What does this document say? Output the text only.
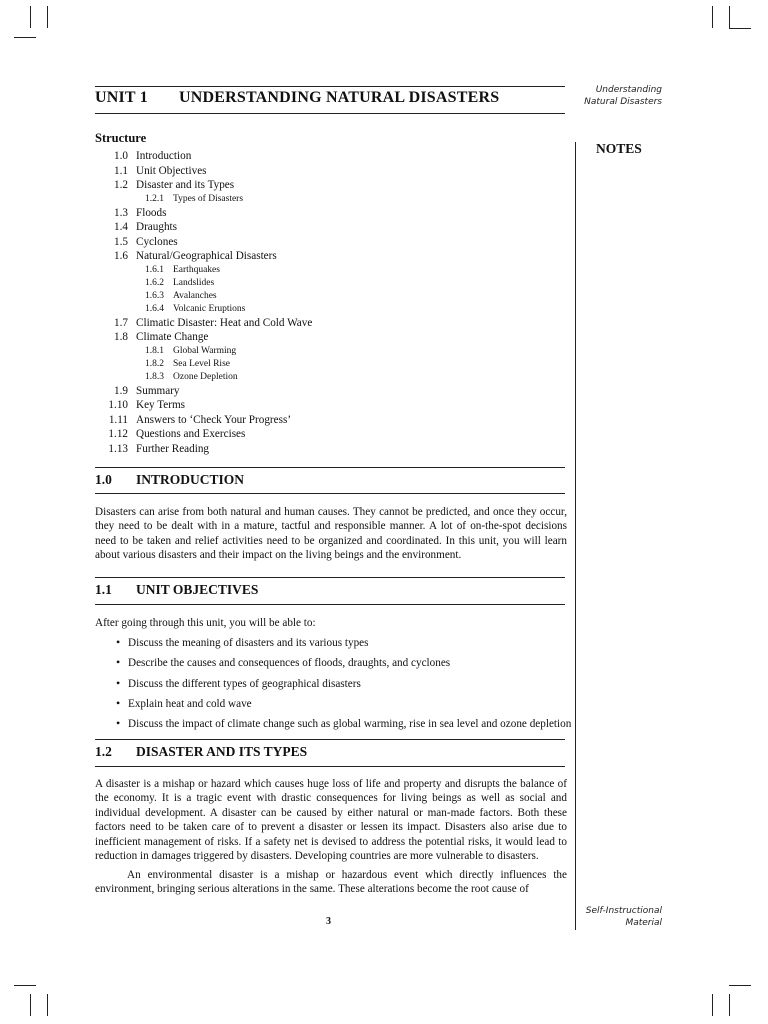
Understanding
Natural Disasters
UNIT 1 UNDERSTANDING NATURAL DISASTERS
NOTES
Structure
1.0 Introduction
1.1 Unit Objectives
1.2 Disaster and its Types
1.2.1 Types of Disasters
1.3 Floods
1.4 Draughts
1.5 Cyclones
1.6 Natural/Geographical Disasters
1.6.1 Earthquakes
1.6.2 Landslides
1.6.3 Avalanches
1.6.4 Volcanic Eruptions
1.7 Climatic Disaster: Heat and Cold Wave
1.8 Climate Change
1.8.1 Global Warming
1.8.2 Sea Level Rise
1.8.3 Ozone Depletion
1.9 Summary
1.10 Key Terms
1.11 Answers to ‘Check Your Progress’
1.12 Questions and Exercises
1.13 Further Reading
1.0 INTRODUCTION
Disasters can arise from both natural and human causes. They cannot be predicted, and once they occur, they need to be dealt with in a mature, tactful and responsible manner. A lot of on-the-spot decisions need to be taken and relief activities need to be organized and coordinated. In this unit, you will learn about various disasters and their impact on the living beings and the environment.
1.1 UNIT OBJECTIVES
After going through this unit, you will be able to:
• Discuss the meaning of disasters and its various types
• Describe the causes and consequences of floods, draughts, and cyclones
• Discuss the different types of geographical disasters
• Explain heat and cold wave
• Discuss the impact of climate change such as global warming, rise in sea level and ozone depletion
1.2 DISASTER AND ITS TYPES
A disaster is a mishap or hazard which causes huge loss of life and property and disrupts the balance of the economy. It is a tragic event with drastic consequences for living beings as well as social and individual development. A disaster can be caused by either natural or man-made factors. Both these factors need to be taken care of to prevent a disaster or lessen its impact. Disasters also arise due to inefficient management of risks. If a safety net is devised to address the potential risks, it would lead to reduction in damages triggered by disasters. Developing countries are more vulnerable to disasters.
An environmental disaster is a mishap or hazardous event which directly influences the environment, bringing serious alterations in the same. These alterations become the root cause of
3
Self-Instructional
Material
